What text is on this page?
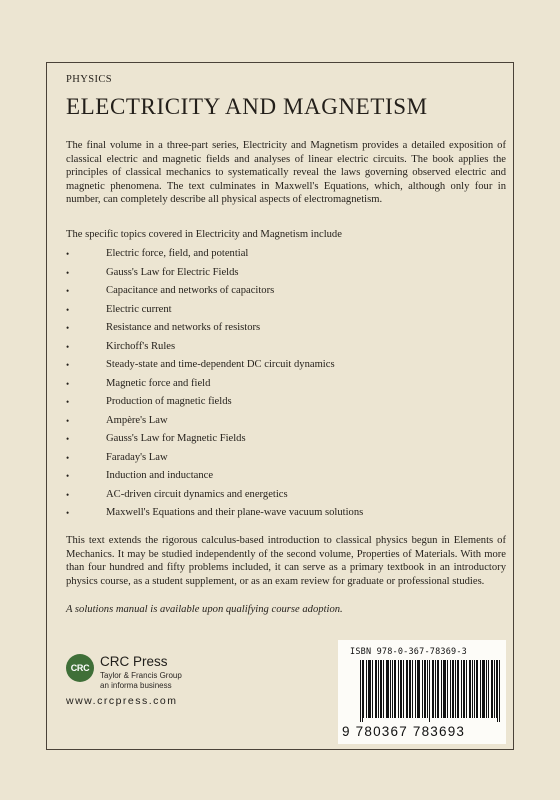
PHYSICS
ELECTRICITY AND MAGNETISM
The final volume in a three-part series, Electricity and Magnetism provides a detailed exposition of classical electric and magnetic fields and analyses of linear electric circuits. The book applies the principles of classical mechanics to systematically reveal the laws governing observed electric and magnetic phenomena. The text culminates in Maxwell's Equations, which, although only four in number, can completely describe all physical aspects of electromagnetism.
The specific topics covered in Electricity and Magnetism include
•	Electric force, field, and potential
•	Gauss's Law for Electric Fields
•	Capacitance and networks of capacitors
•	Electric current
•	Resistance and networks of resistors
•	Kirchoff's Rules
•	Steady-state and time-dependent DC circuit dynamics
•	Magnetic force and field
•	Production of magnetic fields
•	Ampère's Law
•	Gauss's Law for Magnetic Fields
•	Faraday's Law
•	Induction and inductance
•	AC-driven circuit dynamics and energetics
•	Maxwell's Equations and their plane-wave vacuum solutions
This text extends the rigorous calculus-based introduction to classical physics begun in Elements of Mechanics. It may be studied independently of the second volume, Properties of Materials. With more than four hundred and fifty problems included, it can serve as a primary textbook in an introductory physics course, as a student supplement, or as an exam review for graduate or professional studies.
A solutions manual is available upon qualifying course adoption.
CRC CRC Press
Taylor & Francis Group
an informa business
www.crcpress.com
ISBN 978-0-367-78369-3
9 780367 783693
